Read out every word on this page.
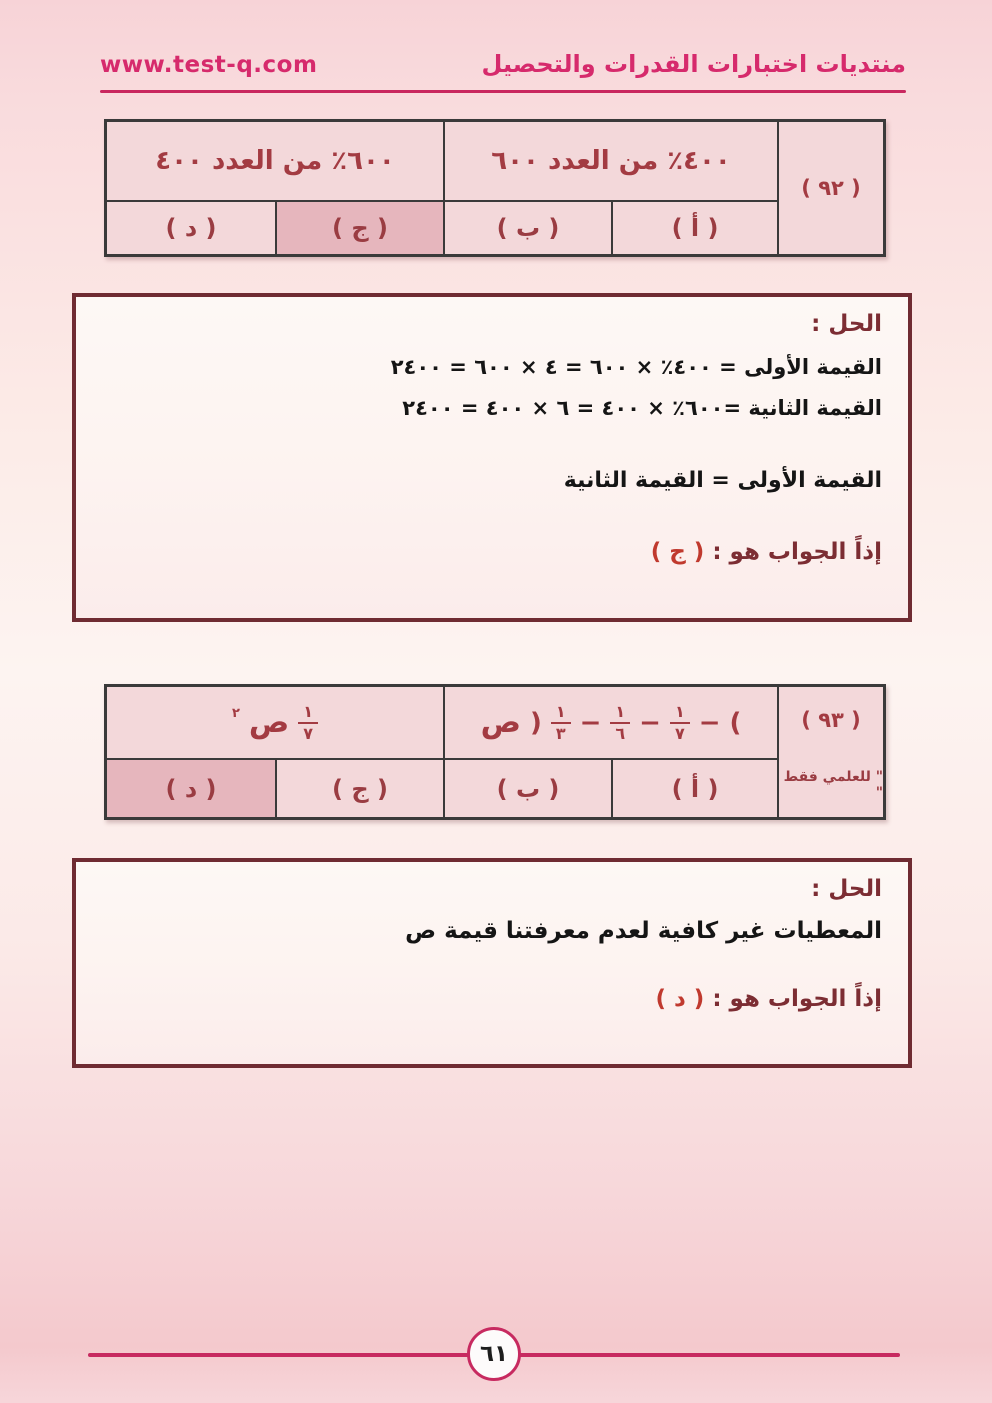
www.test-q.com	منتديات اختبارات القدرات والتحصيل
٤٠٠٪ من العدد ٦٠٠
٦٠٠٪ من العدد ٤٠٠
( أ )
( ب )
( ج )
( د )
( ٩٢ )
الحل :
القيمة الأولى = ٤٠٠٪ × ٦٠٠ = ٤ × ٦٠٠ = ٢٤٠٠
القيمة الثانية =٦٠٠٪ × ٤٠٠ = ٦ × ٤٠٠ = ٢٤٠٠
القيمة الأولى = القيمة الثانية
إذاً الجواب هو : ( ج )
)
−
$\frac{١}{٧}$
−
$\frac{١}{٦}$
−
$\frac{١}{٣}$
(
ص
$\frac{١}{٧}$
ص
٢
( أ )
( ب )
( ج )
( د )
( ٩٣ )
" للعلمي فقط "
الحل :
المعطيات غير كافية لعدم معرفتنا قيمة ص
إذاً الجواب هو : ( د )
٦١
